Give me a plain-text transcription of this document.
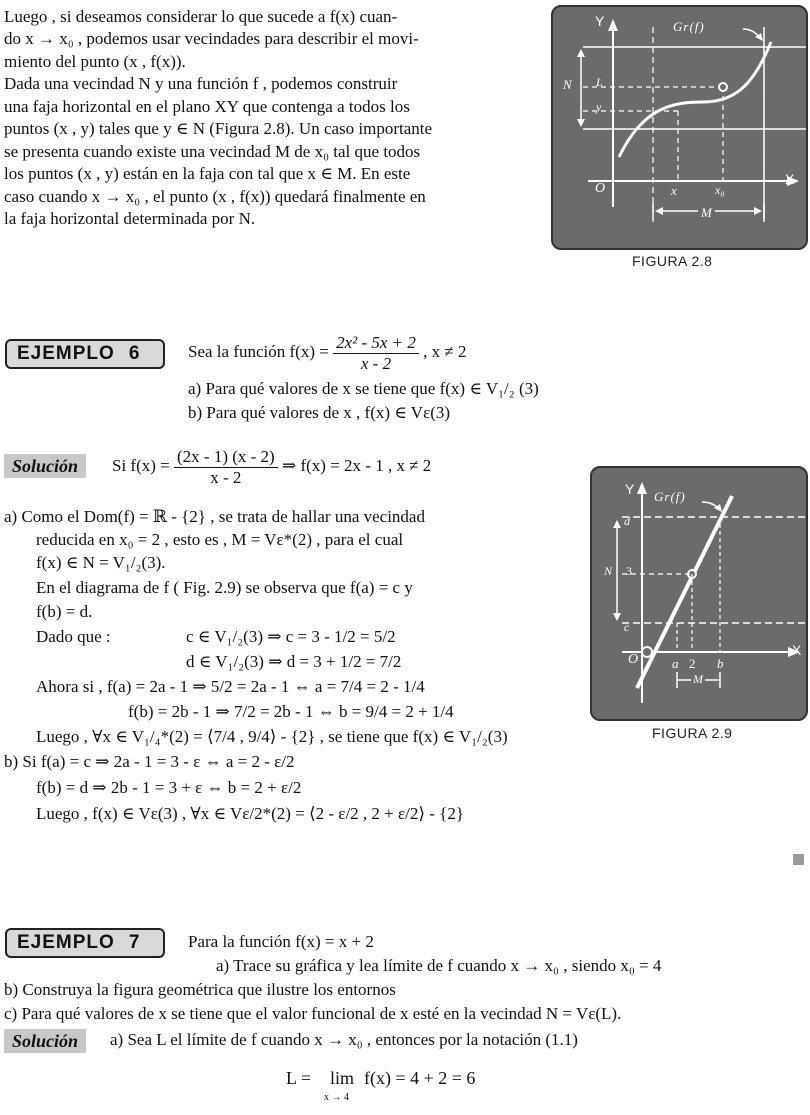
Luego , si deseamos considerar lo que sucede a f(x) cuan-
do x → x₀ , podemos usar vecindades para describir el movi-
miento del punto (x , f(x)).
Dada una vecindad N y una función f , podemos construir
una faja horizontal en el plano XY que contenga a todos los
puntos (x , y) tales que y ∈ N (Figura 2.8). Un caso importante
se presenta cuando existe una vecindad M de x₀ tal que todos
los puntos (x , y) están en la faja con tal que x ∈ M. En este
caso cuando x → x₀ , el punto (x , f(x)) quedará finalmente en
la faja horizontal determinada por N.
Y
X
O
Gr(f)
N L
y
x	x₀
M
FIGURA 2.8
EJEMPLO 6	Sea la función $f(x) = \frac{\text{2x² - 5x + 2}}{x - 2}$ , x ≠ 2
a) Para qué valores de x se tiene que f(x) ∈ V₁/₂ (3)
b) Para qué valores de x , f(x) ∈ Vε(3)
Solución	Si $f(x) = \frac{(2x - 1) (x - 2)}{x - 2}$ ⇒ f(x) = 2x - 1 , x ≠ 2
a) Como el Dom(f) = ℝ - {2} , se trata de hallar una vecindad
reducida en x₀ = 2 , esto es , M = Vε*(2) , para el cual
f(x) ∈ N = V₁/₂(3).
En el diagrama de f ( Fig. 2.9) se observa que f(a) = c y
f(b) = d.
Dado que :	c ∈ V₁/₂(3) ⇒ c = 3 - 1/2 = 5/2
d ∈ V₁/₂(3) ⇒ d = 3 + 1/2 = 7/2
Ahora si , f(a) = 2a - 1 ⇒ 5/2 = 2a - 1 ⇔ a = 7/4 = 2 - 1/4
f(b) = 2b - 1 ⇒ 7/2 = 2b - 1 ⇔ b = 9/4 = 2 + 1/4
Luego , ∀x ∈ V₁/₄*(2) = ⟨7/4 , 9/4⟩ - {2} , se tiene que f(x) ∈ V₁/₂(3)
b) Si f(a) = c ⇒ 2a - 1 = 3 - ε ⇔ a = 2 - ε/2
f(b) = d ⇒ 2b - 1 = 3 + ε ⇔ b = 2 + ε/2
Luego , f(x) ∈ Vε(3) , ∀x ∈ Vε/2*(2) = ⟨2 - ε/2 , 2 + ε/2⟩ - {2}
Y
X
O
Gr(f)
d
N 3
c
a 2 b
M
FIGURA 2.9
EJEMPLO 7	Para la función f(x) = x + 2
a) Trace su gráfica y lea límite de f cuando x → x₀ , siendo x₀ = 4
b) Construya la figura geométrica que ilustre los entornos
c) Para qué valores de x se tiene que el valor funcional de x esté en la vecindad N = Vε(L).
Solución	a) Sea L el límite de f cuando x → x₀ , entonces por la notación (1.1)
L = lim
x → 4
f(x) = 4 + 2 = 6
